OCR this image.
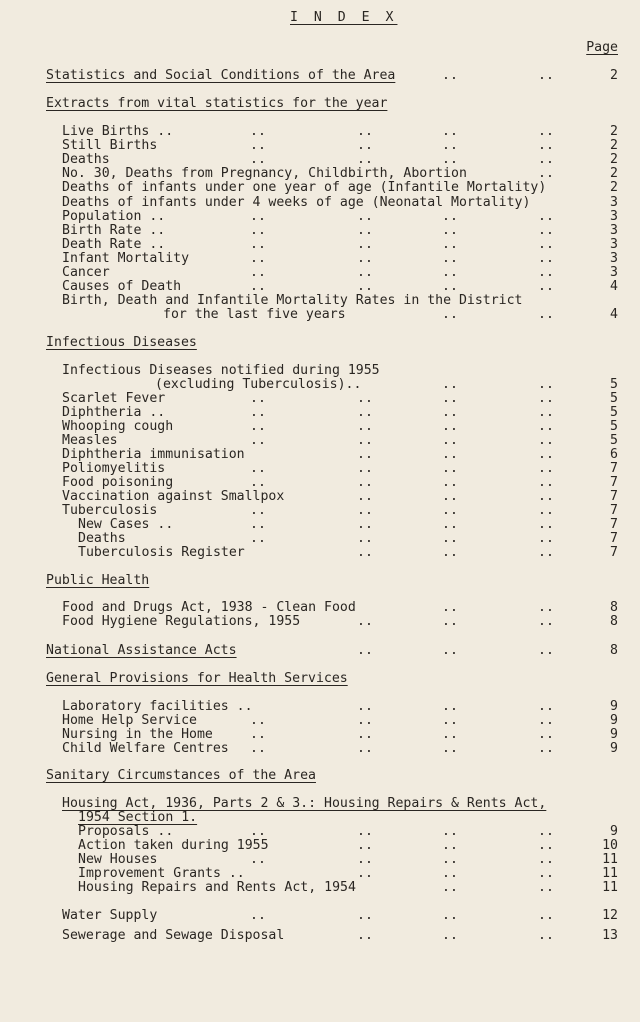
I N D E X

Page

Statistics and Social Conditions of the Area	..	..	2
Extracts from vital statistics for the year
Live Births ..	..	..	..	..	2
Still Births	..	..	..	..	2
Deaths	..	..	..	..	2
No. 30, Deaths from Pregnancy, Childbirth, Abortion	..	2
Deaths of infants under one year of age (Infantile Mortality)	2
Deaths of infants under 4 weeks of age (Neonatal Mortality)	3
Population ..	..	..	..	..	3
Birth Rate ..	..	..	..	..	3
Death Rate ..	..	..	..	..	3
Infant Mortality	..	..	..	..	3
Cancer	..	..	..	..	3
Causes of Death	..	..	..	..	4
Birth, Death and Infantile Mortality Rates in the District
for the last five years	..	..	4
Infectious Diseases
Infectious Diseases notified during 1955
(excluding Tuberculosis)..	..	..	5
Scarlet Fever	..	..	..	..	5
Diphtheria ..	..	..	..	..	5
Whooping cough	..	..	..	..	5
Measles	..	..	..	..	5
Diphtheria immunisation	..	..	..	6
Poliomyelitis	..	..	..	..	7
Food poisoning	..	..	..	..	7
Vaccination against Smallpox	..	..	..	7
Tuberculosis	..	..	..	..	7
New Cases ..	..	..	..	..	7
Deaths	..	..	..	..	7
Tuberculosis Register	..	..	..	7
Public Health
Food and Drugs Act, 1938 - Clean Food	..	..	8
Food Hygiene Regulations, 1955	..	..	..	8
National Assistance Acts	..	..	..	8
General Provisions for Health Services
Laboratory facilities ..	..	..	..	9
Home Help Service	..	..	..	..	9
Nursing in the Home	..	..	..	..	9
Child Welfare Centres ..	..	..	..	9
Sanitary Circumstances of the Area
Housing Act, 1936, Parts 2 & 3.: Housing Repairs & Rents Act,
1954 Section 1.
Proposals ..	..	..	..	..	9
Action taken during 1955	..	..	..	10
New Houses	..	..	..	..	11
Improvement Grants ..	..	..	..	11
Housing Repairs and Rents Act, 1954	..	..	11
Water Supply	..	..	..	..	12
Sewerage and Sewage Disposal	..	..	..	13
